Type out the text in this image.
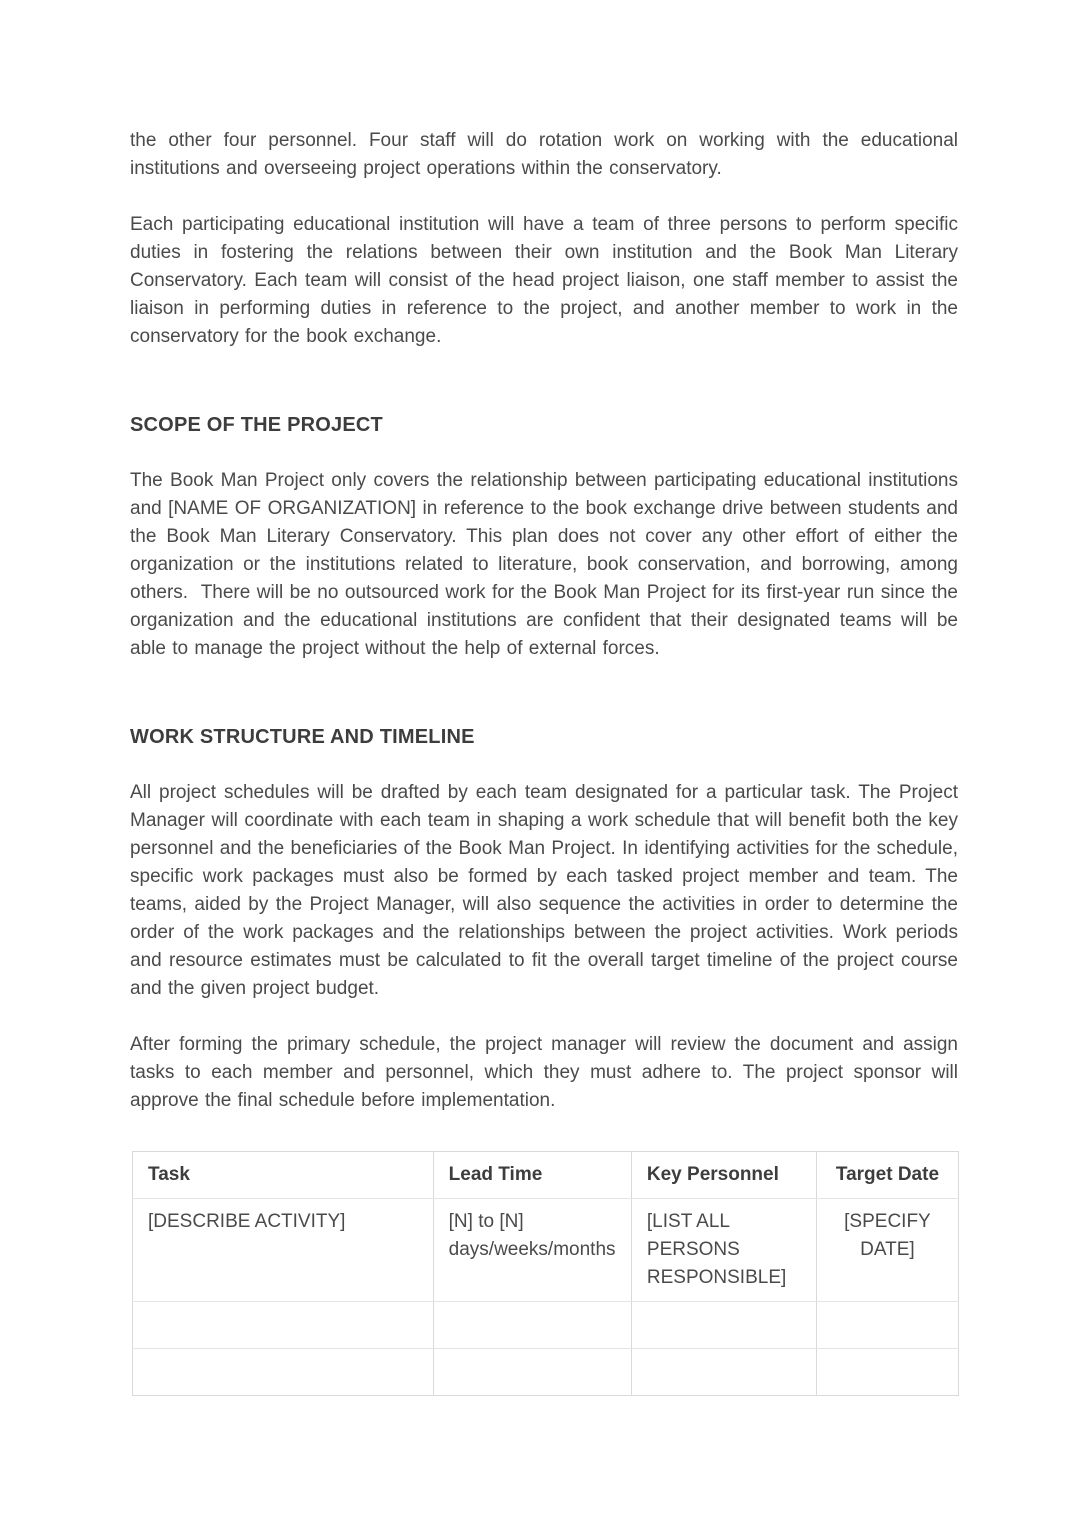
the other four personnel. Four staff will do rotation work on working with the educational institutions and overseeing project operations within the conservatory.

Each participating educational institution will have a team of three persons to perform specific duties in fostering the relations between their own institution and the Book Man Literary Conservatory. Each team will consist of the head project liaison, one staff member to assist the liaison in performing duties in reference to the project, and another member to work in the conservatory for the book exchange.

SCOPE OF THE PROJECT

The Book Man Project only covers the relationship between participating educational institutions and [NAME OF ORGANIZATION] in reference to the book exchange drive between students and the Book Man Literary Conservatory. This plan does not cover any other effort of either the organization or the institutions related to literature, book conservation, and borrowing, among others.  There will be no outsourced work for the Book Man Project for its first-year run since the organization and the educational institutions are confident that their designated teams will be able to manage the project without the help of external forces.

WORK STRUCTURE AND TIMELINE

All project schedules will be drafted by each team designated for a particular task. The Project Manager will coordinate with each team in shaping a work schedule that will benefit both the key personnel and the beneficiaries of the Book Man Project. In identifying activities for the schedule, specific work packages must also be formed by each tasked project member and team. The teams, aided by the Project Manager, will also sequence the activities in order to determine the order of the work packages and the relationships between the project activities. Work periods and resource estimates must be calculated to fit the overall target timeline of the project course and the given project budget.

After forming the primary schedule, the project manager will review the document and assign tasks to each member and personnel, which they must adhere to. The project sponsor will approve the final schedule before implementation.

Task	Lead Time	Key Personnel	Target Date
[DESCRIBE ACTIVITY]	[N] to [N] days/weeks/months	[LIST ALL PERSONS RESPONSIBLE]	[SPECIFY DATE]
